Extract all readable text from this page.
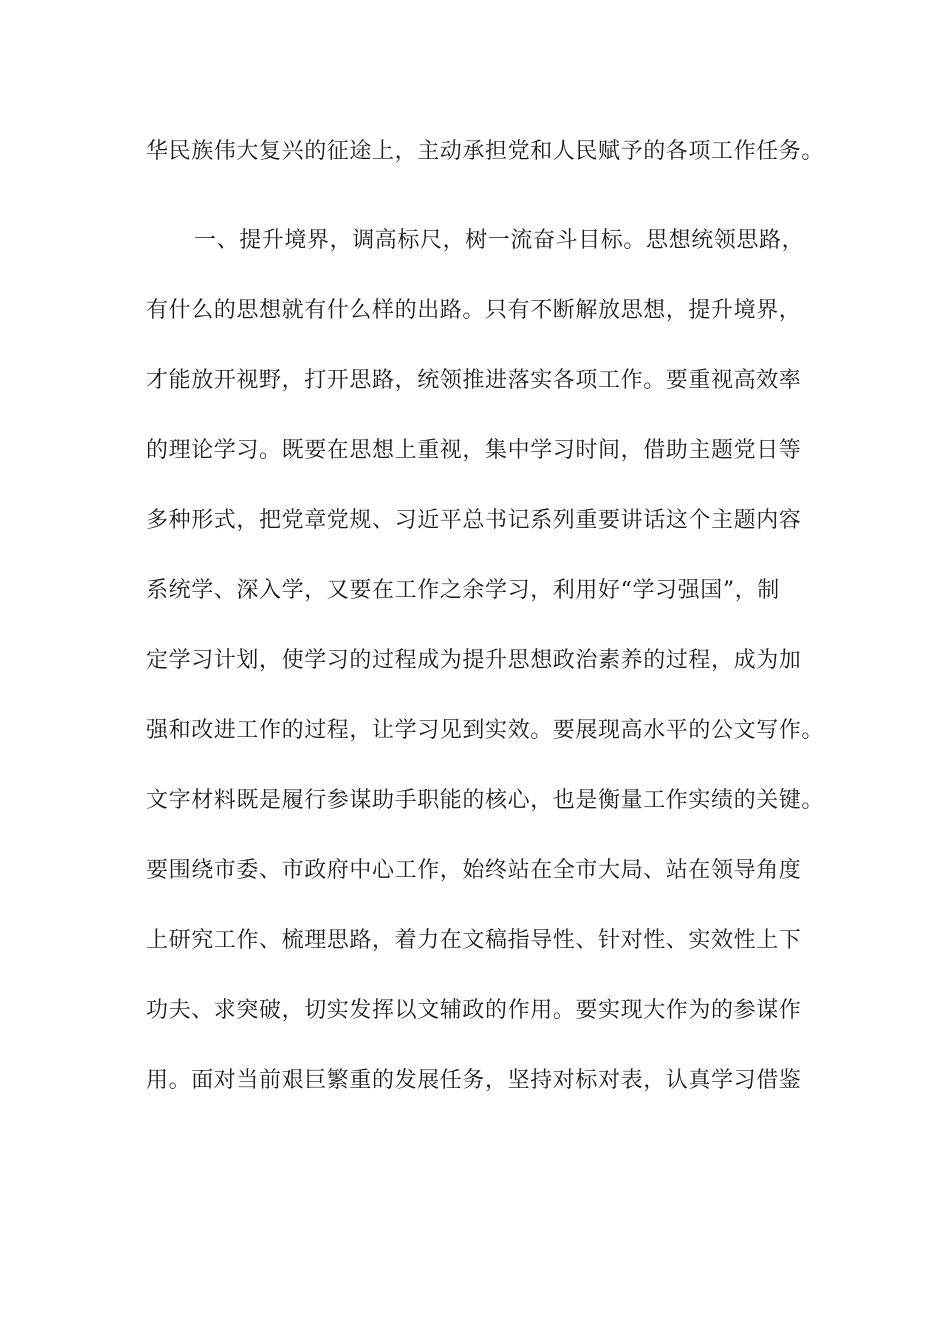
华民族伟大复兴的征途上，主动承担党和人民赋予的各项工作任务。
一、提升境界，调高标尺，树一流奋斗目标。思想统领思路，
有什么的思想就有什么样的出路。只有不断解放思想，提升境界，
才能放开视野，打开思路，统领推进落实各项工作。要重视高效率
的理论学习。既要在思想上重视，集中学习时间，借助主题党日等
多种形式，把党章党规、习近平总书记系列重要讲话这个主题内容
系统学、深入学，又要在工作之余学习，利用好“学习强国”，制
定学习计划，使学习的过程成为提升思想政治素养的过程，成为加
强和改进工作的过程，让学习见到实效。要展现高水平的公文写作。
文字材料既是履行参谋助手职能的核心，也是衡量工作实绩的关键。
要围绕市委、市政府中心工作，始终站在全市大局、站在领导角度
上研究工作、梳理思路，着力在文稿指导性、针对性、实效性上下
功夫、求突破，切实发挥以文辅政的作用。要实现大作为的参谋作
用。面对当前艰巨繁重的发展任务，坚持对标对表，认真学习借鉴
